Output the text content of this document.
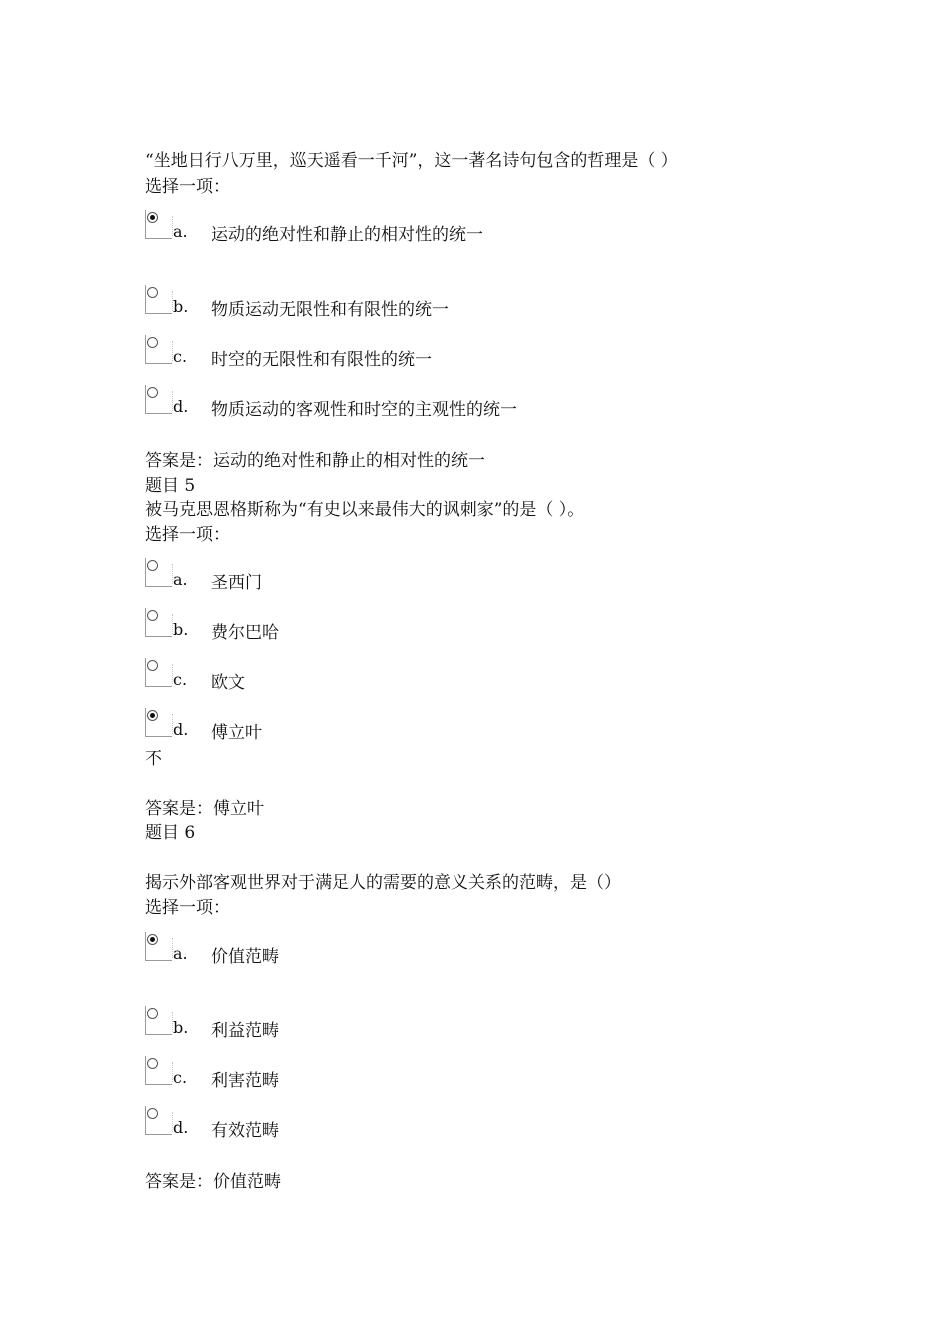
“坐地日行八万里，巡天遥看一千河”，这一著名诗句包含的哲理是（ ）
选择一项：
a. 运动的绝对性和静止的相对性的统一
b. 物质运动无限性和有限性的统一
c. 时空的无限性和有限性的统一
d. 物质运动的客观性和时空的主观性的统一
答案是：运动的绝对性和静止的相对性的统一
题目 5
被马克思恩格斯称为“有史以来最伟大的讽刺家”的是（ ）。
选择一项：
a. 圣西门
b. 费尔巴哈
c. 欧文
d. 傅立叶
不
答案是：傅立叶
题目 6
揭示外部客观世界对于满足人的需要的意义关系的范畴，是（）
选择一项：
a. 价值范畴
b. 利益范畴
c. 利害范畴
d. 有效范畴
答案是：价值范畴
